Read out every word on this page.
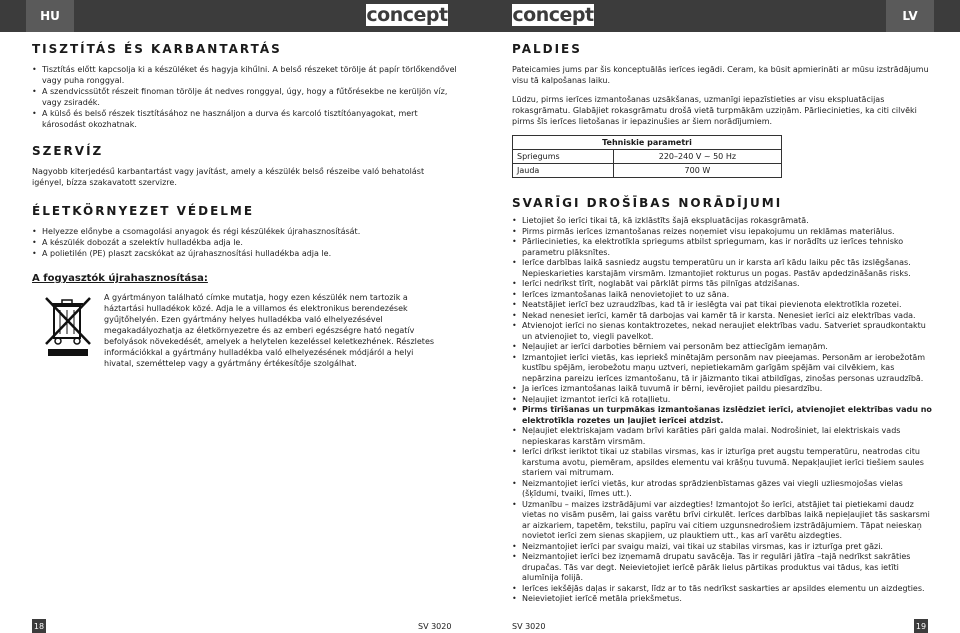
HU	LV
concept	concept
TISZTÍTÁS ÉS KARBANTARTÁS
• Tisztítás előtt kapcsolja ki a készüléket és hagyja kihűlni. A belső részeket törölje át papír törlőkendővel vagy puha ronggyal.
• A szendvicssütőt részeit finoman törölje át nedves ronggyal, úgy, hogy a fűtőrésekbe ne kerüljön víz, vagy zsiradék.
• A külső és belső részek tisztításához ne használjon a durva és karcoló tisztítóanyagokat, mert károsodást okozhatnak.
SZERVÍZ

Nagyobb kiterjedésű karbantartást vagy javítást, amely a készülék belső részeibe való behatolást igényel, bízza szakavatott szervizre.

ÉLETKÖRNYEZET VÉDELME
• Helyezze előnybe a csomagolási anyagok és régi készülékek újrahasznosítását.
• A készülék dobozát a szelektív hulladékba adja le.
• A polietilén (PE) plaszt zacskókat az újrahasznosítási hulladékba adja le.
A fogyasztók újrahasznosítása:

A gyártmányon található címke mutatja, hogy ezen készülék nem tartozik a háztartási hulladékok közé. Adja le a villamos és elektronikus berendezések gyűjtőhelyén. Ezen gyártmány helyes hulladékba való elhelyezésével megakadályozhatja az életkörnyezetre és az emberi egészségre ható negatív befolyások növekedését, amelyek a helytelen kezeléssel keletkezhének. Részletes információkkal a gyártmány hulladékba való elhelyezésének módjáról a helyi hivatal, szemétteleр vagy a gyártmány értékesítője szolgálhat.

PALDIES

Pateicamies jums par šis konceptuālās ierīces iegādi. Ceram, ka būsit apmierināti ar mūsu izstrādājumu visu tā kalpošanas laiku.

Lūdzu, pirms ierīces izmantošanas uzsākšanas, uzmanīgi iepazīstieties ar visu ekspluatācijas rokasgrāmatu. Glabājiet rokasgrāmatu drošā vietā turpmākām uzziņām. Pārliecinieties, ka citi cilvēki pirms šīs ierīces lietošanas ir iepazinušies ar šiem norādījumiem.

Tehniskie parametri	
Spriegums	220–240 V ~ 50 Hz
Jauda	700 W
SVARĪGI DROŠĪBAS NORĀDĪJUMI
• Lietojiet šo ierīci tikai tā, kā izklāstīts šajā ekspluatācijas rokasgrāmatā.
• Pirms pirmās ierīces izmantošanas reizes noņemiet visu iepakojumu un reklāmas materiālus.
• Pārliecinieties, ka elektrotīkla spriegums atbilst spriegumam, kas ir norādīts uz ierīces tehnisko parametru plāksnītes.
• Ierīce darbības laikā sasniedz augstu temperatūru un ir karsta arī kādu laiku pēc tās izslēgšanas. Nepieskarieties karstajām virsmām. Izmantojiet rokturus un pogas. Pastāv apdedzināšanās risks.
• Ierīci nedrīkst tīrīt, noglabāt vai pārklāt pirms tās pilnīgas atdzišanas.
• Ierīces izmantošanas laikā nenovietojiet to uz sāna.
• Neatstājiet ierīcī bez uzraudzības, kad tā ir ieslēgta vai pat tikai pievienota elektrotīkla rozetei.
• Nekad nenesiet ierīci, kamēr tā darbojas vai kamēr tā ir karsta. Nenesiet ierīci aiz elektrības vada.
• Atvienojot ierīci no sienas kontaktrozetes, nekad neraujiet elektrības vadu. Satveriet spraudkontaktu un atvienojiet to, viegli pavelkot.
• Neļaujiet ar ierīci darboties bērniem vai personām bez attiecīgām iemaņām.
• Izmantojiet ierīci vietās, kas iepriekš minētajām personām nav pieejamas. Personām ar ierobežotām kustību spējām, ierobežotu maņu uztveri, nepietiekamām garīgām spējām vai cilvēkiem, kas nepārzina pareizu ierīces izmantošanu, tā ir jāizmanto tikai atbildīgas, zinošas personas uzraudzībā.
• Ja ierīces izmantošanas laikā tuvumā ir bērni, ievērojiet paildu piesardzību.
• Neļaujiet izmantot ierīci kā rotaļlietu.
• Pirms tīrīšanas un turpmākas izmantošanas izslēdziet ierīci, atvienojiet elektrības vadu no elektrotīkla rozetes un ļaujiet ierīcei atdzist.
• Neļaujiet elektriskajam vadam brīvi karāties pāri galda malai. Nodrošiniet, lai elektriskais vads nepieskaras karstām virsmām.
• Ierīci drīkst ieriktot tikai uz stabilas virsmas, kas ir izturīga pret augstu temperatūru, neatrodas citu karstuma avotu, piemēram, apsildes elementu vai krāšņu tuvumā. Nepakļaujiet ierīci tiešiem saules stariem vai mitrumam.
• Neizmantojiet ierīci vietās, kur atrodas sprādzienbīstamas gāzes vai viegli uzliesmojošas vielas (šķīdumi, tvaiki, līmes utt.).
• Uzmanību – maizes izstrādājumi var aizdegties! Izmantojot šo ierīci, atstājiet tai pietiekami daudz vietas no visām pusēm, lai gaiss varētu brīvi cirkulēt. Ierīces darbības laikā nepieļaujiet tās saskarsmi ar aizkariem, tapetēm, tekstilu, papīru vai citiem uzgunsnedrošiem izstrādājumiem. Tāpat neieskaņ novietot ierīci zem sienas skapjiem, uz plauktiem utt., kas arī varētu aizdegties.
• Neizmantojiet ierīci par svaigu maizi, vai tikai uz stabilas virsmas, kas ir izturīga pret gāzi.
• Neizmantojiet ierīci bez izņemamā drupatu savācēja. Tas ir regulāri jātīra –tajā nedrīkst sakrāties drupačas. Tās var degt. Neievietojiet ierīcē pārāk lielus pārtikas produktus vai tādus, kas ietīti alumīnija folijā.
• Ierīces iekšējās daļas ir sakarst, līdz ar to tās nedrīkst saskarties ar apsildes elementu un aizdegties.
• Neievietojiet ierīcē metāla priekšmetus.
18	SV 3020	SV 3020	19
